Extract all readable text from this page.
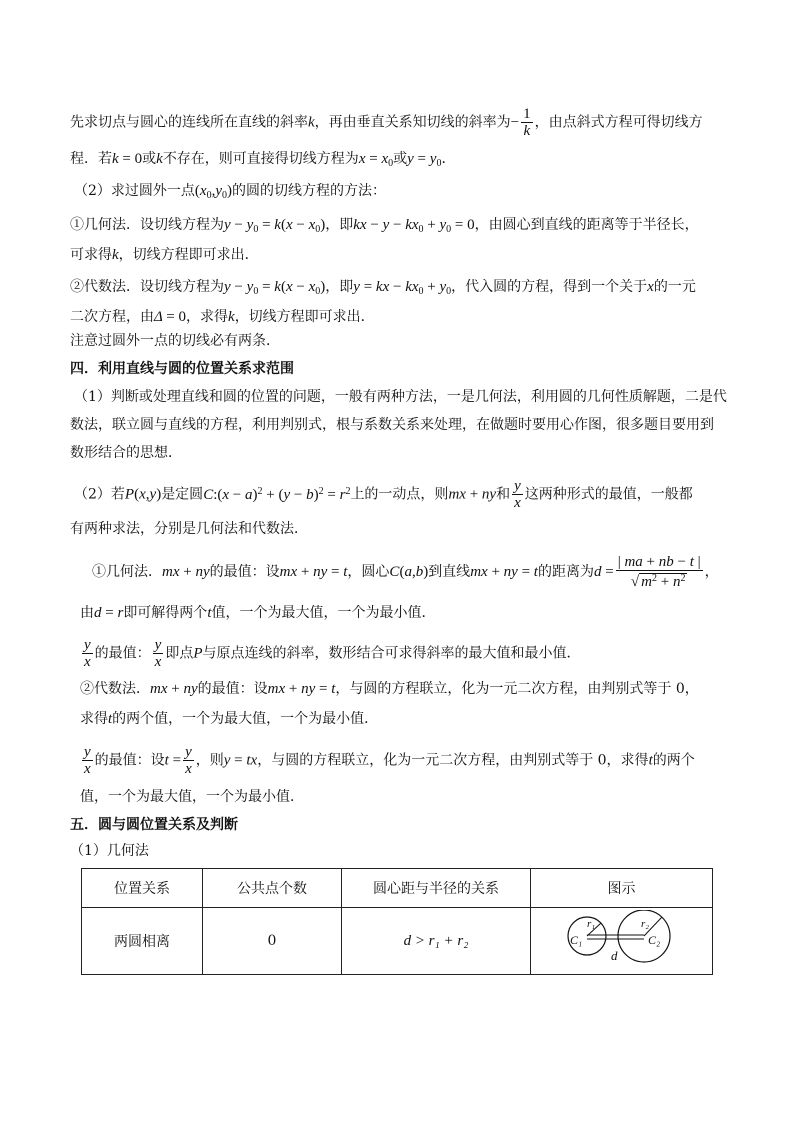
先求切点与圆心的连线所在直线的斜率k，再由垂直关系知切线的斜率为− $\frac{1}{k}$ ，由点斜式方程可得切线方
程．若k = 0或k不存在，则可直接得切线方程为$x = x_0$或$y = y_0$．
（2）求过圆外一点$(x_0,y_0)$的圆的切线方程的方法：
①几何法．设切线方程为$y - y_0 = k(x - x_0)$，即kx − $y - kx_0 + y_0 = 0$，由圆心到直线的距离等于半径长，
可求得k，切线方程即可求出．
②代数法．设切线方程为$y - y_0 = k(x - x_0)$，即y = kx − $kx_0 + y_0$，代入圆的方程，得到一个关于x的一元
二次方程，由Δ = 0，求得k，切线方程即可求出．
注意过圆外一点的切线必有两条．
四．利用直线与圆的位置关系求范围
（1）判断或处理直线和圆的位置的问题，一般有两种方法，一是几何法，利用圆的几何性质解题，二是代
数法，联立圆与直线的方程，利用判别式，根与系数关系来处理，在做题时要用心作图，很多题目要用到
数形结合的思想．
（2）若P(x,y)是定圆C:(x − $a)^2 + (y - b)^2 = r^2$上的一动点，则mx + ny和 $\frac{y}{x}$ 这两种形式的最值，一般都
有两种求法，分别是几何法和代数法．
①几何法．mx + ny的最值：设mx + ny = t，圆心C(a,b)到直线mx + ny = t的距离为$d = \frac{| ma + nb - t |}{√ m^2 + n^2}$ ，
由d = r即可解得两个t值，一个为最大值，一个为最小值．
$\frac{y}{x}$ 的最值： $\frac{y}{x}$ 即点P与原点连线的斜率，数形结合可求得斜率的最大值和最小值．
②代数法．mx + ny的最值：设mx + ny = t，与圆的方程联立，化为一元二次方程，由判别式等于 0，
求得t的两个值，一个为最大值，一个为最小值．
$\frac{y}{x}$ 的最值：设$t = \frac{y}{x}$ ，则y = tx，与圆的方程联立，化为一元二次方程，由判别式等于 0，求得t的两个
值，一个为最大值，一个为最小值．
五．圆与圆位置关系及判断
（1）几何法
位置关系	公共点个数	圆心距与半径的关系	图示
两圆相离	0	d > r₁ + r₂	r₁ r₂
C₁ C₂
d
